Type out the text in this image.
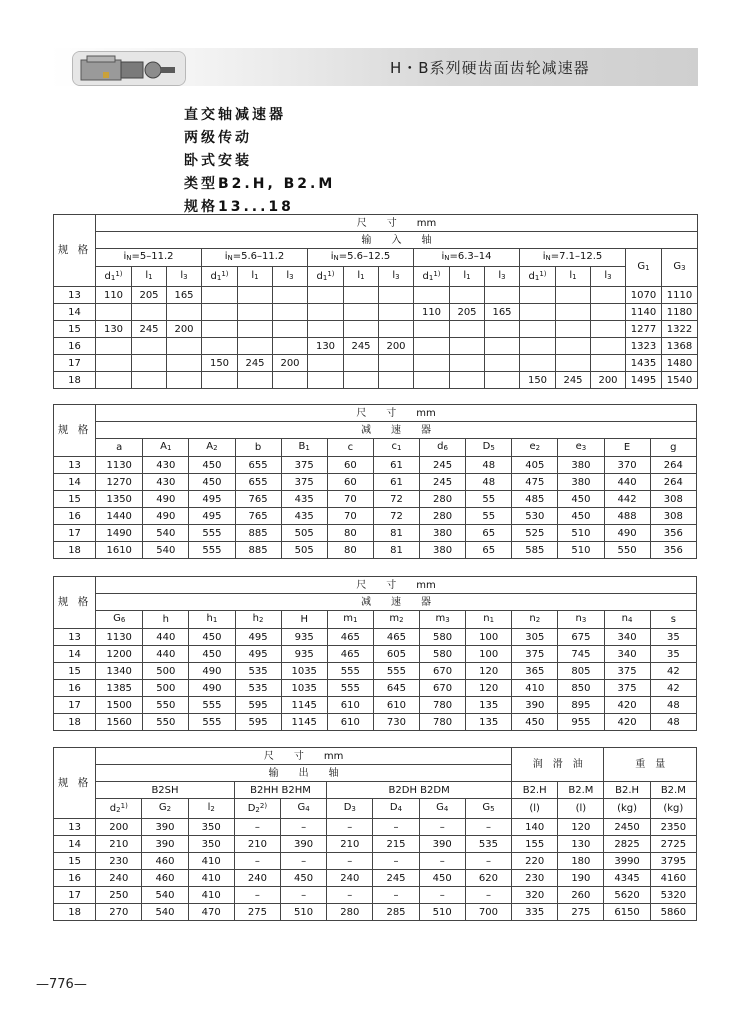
H・B系列硬齿面齿轮减速器
直交轴减速器
两级传动
卧式安装
类型B2.H, B2.M
规格13...18
规 格	尺　　寸　　mm																
	输　　入　　轴																
	$i_N=5-11.2$			$i_N=5.6-11.2$			$i_N=5.6-12.5$			$i_N=6.3-14$			$i_N=7.1-12.5$			$G_1$	$G_3$
	$d_1^{1)}$	$l_1$	$l_3$	$d_1^{1)}$	$l_1$	$l_3$	$d_1^{1)}$	$l_1$	$l_3$	$d_1^{1)}$	$l_1$	$l_3$	$d_1^{1)}$	$l_1$	$l_3$
13	110	205	165													1070	1110
14										110	205	165				1140	1180
15	130	245	200													1277	1322
16							130	245	200							1323	1368
17				150	245	200										1435	1480
18													150	245	200	1495	1540
规 格	尺　　寸　　mm												
	减　　速　　器												
	a	$A_1$	$A_2$	b	$B_1$	c	$c_1$	$d_6$	$D_5$	$e_2$	$e_3$	E	g
13	1130	430	450	655	375	60	61	245	48	405	380	370	264
14	1270	430	450	655	375	60	61	245	48	475	380	440	264
15	1350	490	495	765	435	70	72	280	55	485	450	442	308
16	1440	490	495	765	435	70	72	280	55	530	450	488	308
17	1490	540	555	885	505	80	81	380	65	525	510	490	356
18	1610	540	555	885	505	80	81	380	65	585	510	550	356
规 格	尺　　寸　　mm												
	减　　速　　器												
	$G_6$	h	$h_1$	$h_2$	H	$m_1$	$m_2$	$m_3$	$n_1$	$n_2$	$n_3$	$n_4$	s
13	1130	440	450	495	935	465	465	580	100	305	675	340	35
14	1200	440	450	495	935	465	605	580	100	375	745	340	35
15	1340	500	490	535	1035	555	555	670	120	365	805	375	42
16	1385	500	490	535	1035	555	645	670	120	410	850	375	42
17	1500	550	555	595	1145	610	610	780	135	390	895	420	48
18	1560	550	555	595	1145	610	730	780	135	450	955	420	48
规 格	尺　　寸　　mm									润　滑　油		重　量	
	输　　出　　轴												
	B2SH			B2HH B2HM		B2DH B2DM				B2.H	B2.M	B2.H	B2.M
	$d_2^{1)}$	$G_2$	$l_2$	$D_2^{2)}$	$G_4$	$D_3$	$D_4$	$G_4$	$G_5$	(l)	(l)	(kg)	(kg)
13	200	390	350	–	–	–	–	–	–	140	120	2450	2350
14	210	390	350	210	390	210	215	390	535	155	130	2825	2725
15	230	460	410	–	–	–	–	–	–	220	180	3990	3795
16	240	460	410	240	450	240	245	450	620	230	190	4345	4160
17	250	540	410	–	–	–	–	–	–	320	260	5620	5320
18	270	540	470	275	510	280	285	510	700	335	275	6150	5860
—776—
